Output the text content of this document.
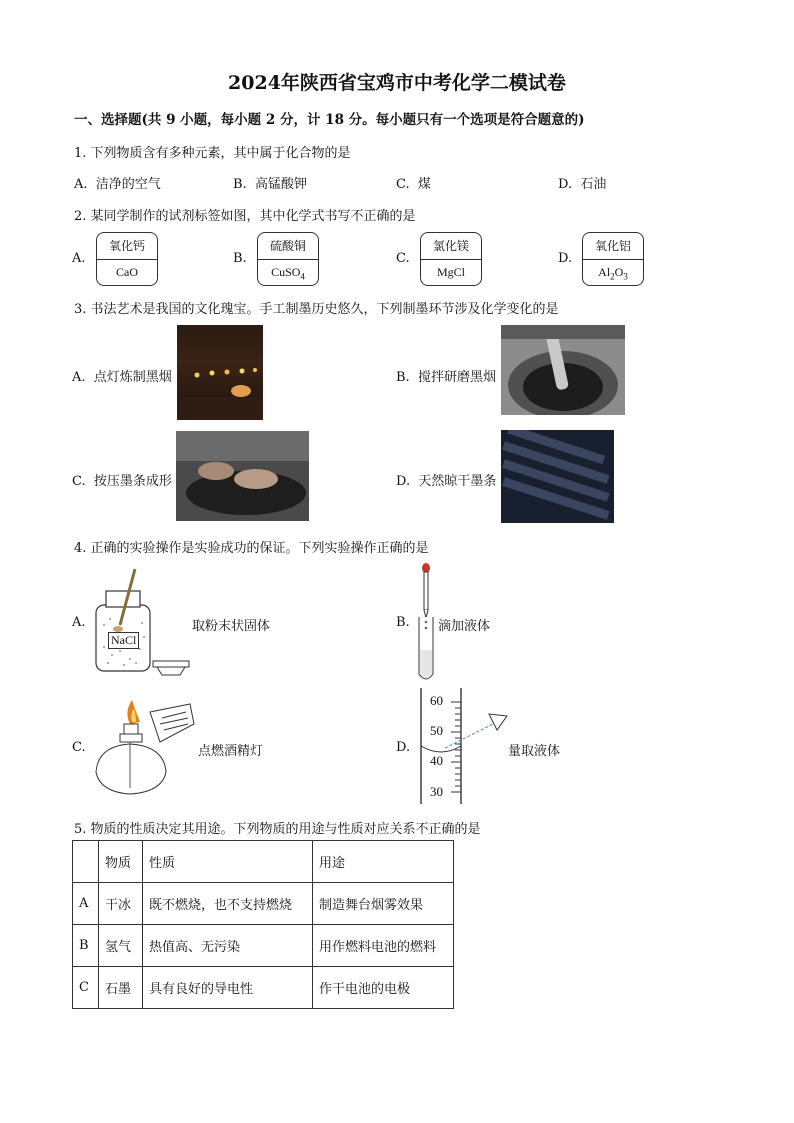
2024年陕西省宝鸡市中考化学二模试卷
一、选择题(共 9 小题，每小题 2 分，计 18 分。每小题只有一个选项是符合题意的)
1. 下列物质含有多种元素，其中属于化合物的是
A. 洁净的空气	B. 高锰酸钾	C. 煤	D. 石油
2. 某同学制作的试剂标签如图，其中化学式书写不正确的是
A.
氧化钙
CaO
B.
硫酸铜
CuSO$_4$
C.
氯化镁
MgCl
D.
氧化铝
$Al_2O_3$
3. 书法艺术是我国的文化瑰宝。手工制墨历史悠久，下列制墨环节涉及化学变化的是
A. 点灯炼制黑烟	B. 搅拌研磨黑烟
C. 按压墨条成形	D. 天然晾干墨条
4. 正确的实验操作是实验成功的保证。下列实验操作正确的是
A.
NaCl
取粉末状固体	B. 滴加液体
C.	点燃酒精灯	D.
60
50
40
30
量取液体
5. 物质的性质决定其用途。下列物质的用途与性质对应关系不正确的是
	物质	性质	用途
A	干冰	既不燃烧，也不支持燃烧	制造舞台烟雾效果
B	氢气	热值高、无污染	用作燃料电池的燃料
C	石墨	具有良好的导电性	作干电池的电极
